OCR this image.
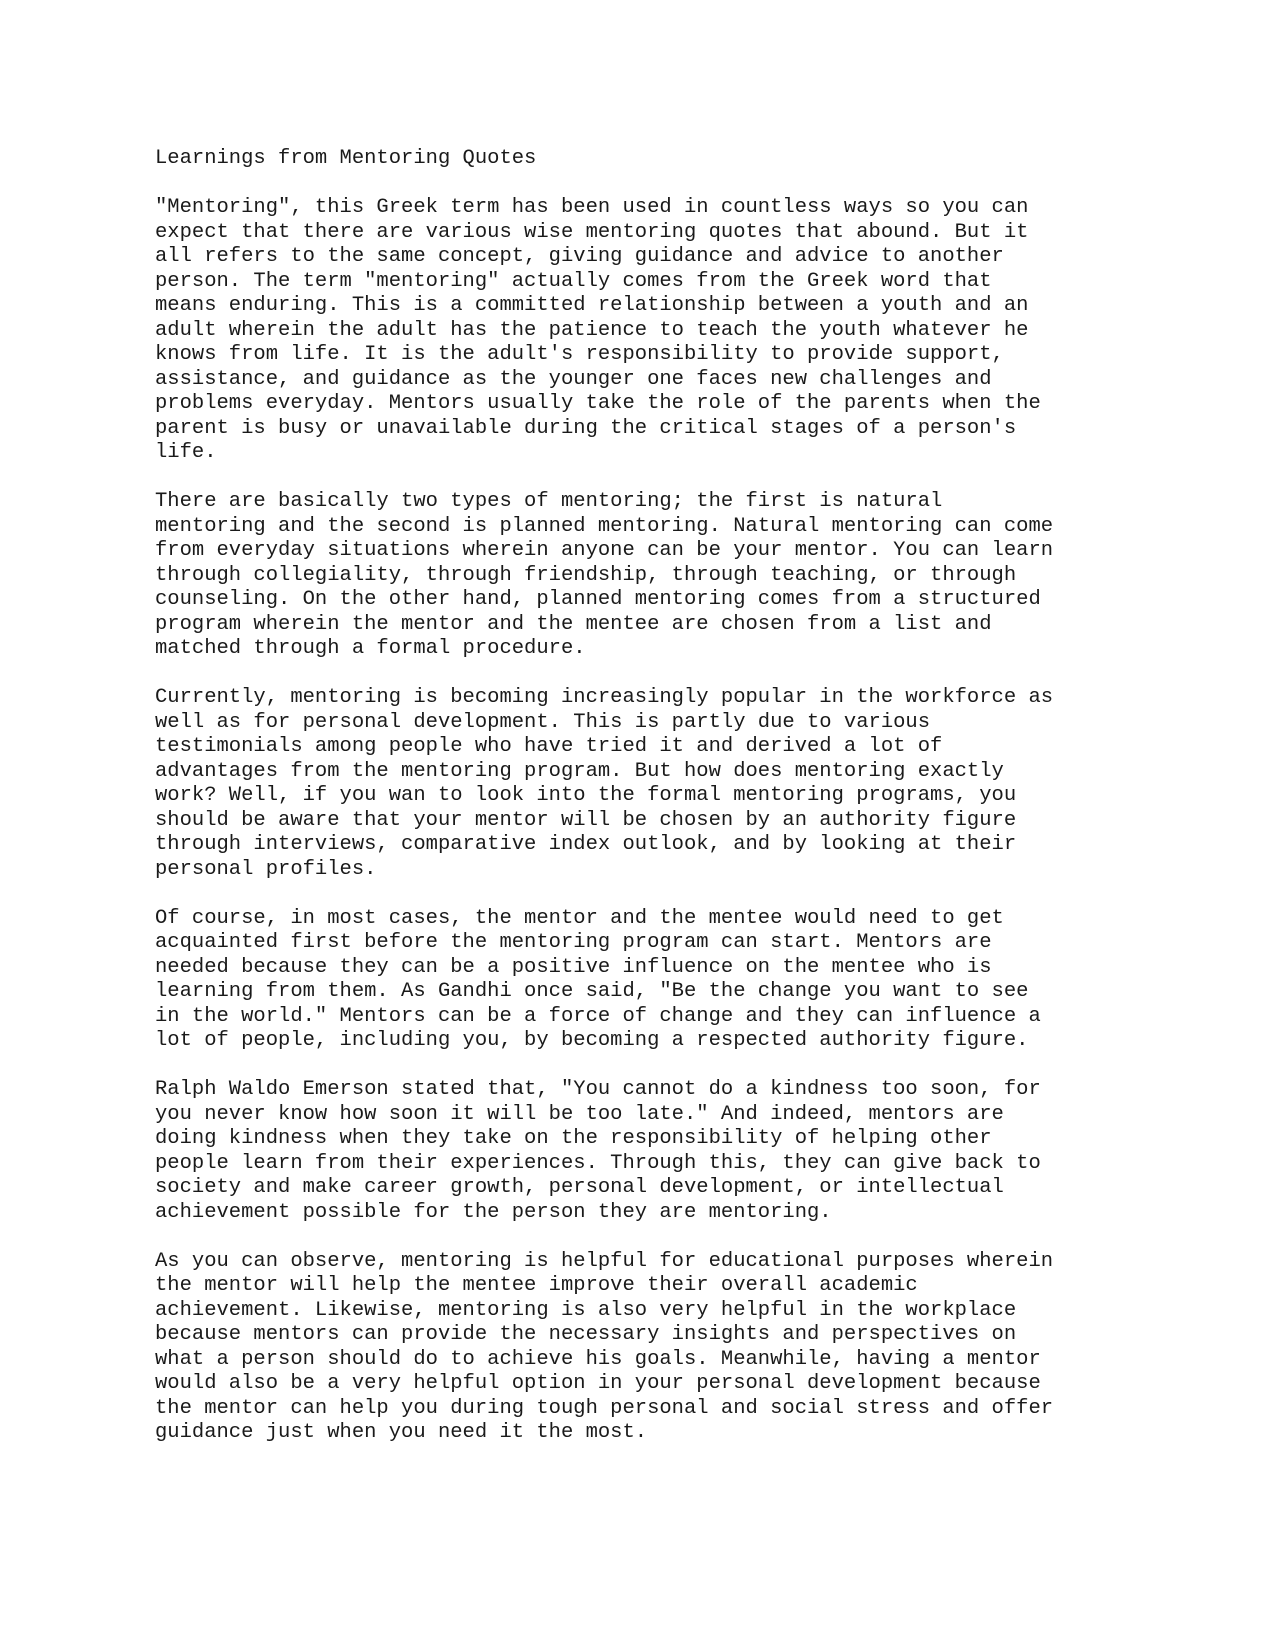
Learnings from Mentoring Quotes
"Mentoring", this Greek term has been used in countless ways so you can
expect that there are various wise mentoring quotes that abound. But it
all refers to the same concept, giving guidance and advice to another
person. The term "mentoring" actually comes from the Greek word that
means enduring. This is a committed relationship between a youth and an
adult wherein the adult has the patience to teach the youth whatever he
knows from life. It is the adult's responsibility to provide support,
assistance, and guidance as the younger one faces new challenges and
problems everyday. Mentors usually take the role of the parents when the
parent is busy or unavailable during the critical stages of a person's
life.
There are basically two types of mentoring; the first is natural
mentoring and the second is planned mentoring. Natural mentoring can come
from everyday situations wherein anyone can be your mentor. You can learn
through collegiality, through friendship, through teaching, or through
counseling. On the other hand, planned mentoring comes from a structured
program wherein the mentor and the mentee are chosen from a list and
matched through a formal procedure.
Currently, mentoring is becoming increasingly popular in the workforce as
well as for personal development. This is partly due to various
testimonials among people who have tried it and derived a lot of
advantages from the mentoring program. But how does mentoring exactly
work? Well, if you wan to look into the formal mentoring programs, you
should be aware that your mentor will be chosen by an authority figure
through interviews, comparative index outlook, and by looking at their
personal profiles.
Of course, in most cases, the mentor and the mentee would need to get
acquainted first before the mentoring program can start. Mentors are
needed because they can be a positive influence on the mentee who is
learning from them. As Gandhi once said, "Be the change you want to see
in the world." Mentors can be a force of change and they can influence a
lot of people, including you, by becoming a respected authority figure.
Ralph Waldo Emerson stated that, "You cannot do a kindness too soon, for
you never know how soon it will be too late." And indeed, mentors are
doing kindness when they take on the responsibility of helping other
people learn from their experiences. Through this, they can give back to
society and make career growth, personal development, or intellectual
achievement possible for the person they are mentoring.
As you can observe, mentoring is helpful for educational purposes wherein
the mentor will help the mentee improve their overall academic
achievement. Likewise, mentoring is also very helpful in the workplace
because mentors can provide the necessary insights and perspectives on
what a person should do to achieve his goals. Meanwhile, having a mentor
would also be a very helpful option in your personal development because
the mentor can help you during tough personal and social stress and offer
guidance just when you need it the most.
